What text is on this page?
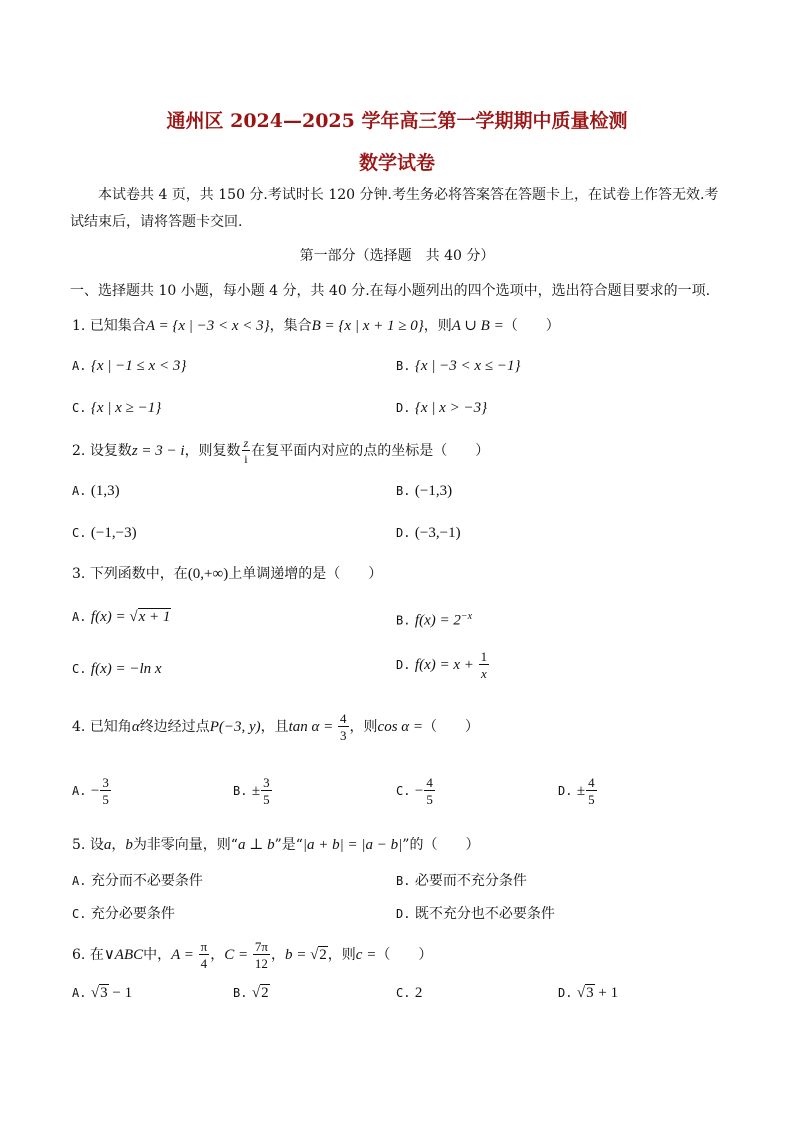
通州区 2024—2025 学年高三第一学期期中质量检测
数学试卷
本试卷共 4 页，共 150 分.考试时长 120 分钟.考生务必将答案答在答题卡上，在试卷上作答无效.考试结束后，请将答题卡交回.
第一部分（选择题　共 40 分）
一、选择题共 10 小题，每小题 4 分，共 40 分.在每小题列出的四个选项中，选出符合题目要求的一项.
1. 已知集合A = {x | −3 < x < 3}，集合B = {x | x + 1 ≥ 0}，则A ∪ B =（　　）
A. {x | −1 ≤ x < 3}	B. {x | −3 < x ≤ −1}
C. {x | x ≥ −1}	D. {x | x > −3}
2. 设复数z = 3 − i，则复数 $\frac{z}{i}$ 在复平面内对应的点的坐标是（　　）
A. (1,3)	B. (−1,3)
C. (−1,−3)	D. (−3,−1)
3. 下列函数中，在(0,+∞)上单调递增的是（　　）
A. f(x) = √x + 1	B. $f(x) = 2^{-x}$
C. f(x) = −ln x	D. $f(x) = x + \frac{1}{x}$
4. 已知角α终边经过点P(−3, y)，且$\tan \alpha = \frac{4}{3}$ ，则cos α =（　　）
A. − $\frac{3}{5}$	B. ± $\frac{3}{5}$	C. − $\frac{4}{5}$	D. ± $\frac{4}{5}$
5. 设a，b为非零向量，则“a ⊥ b”是“|a + b| = |a − b|”的（　　）
A. 充分而不必要条件	B. 必要而不充分条件
C. 充分必要条件	D. 既不充分也不必要条件
6. 在∨ABC中，$A = \frac{\pi}{4}$ ，$C = \frac{7\pi}{12}$ ，b = √2，则c =（　　）
A. √3 − 1	B. √2	C. 2	D. √3 + 1
